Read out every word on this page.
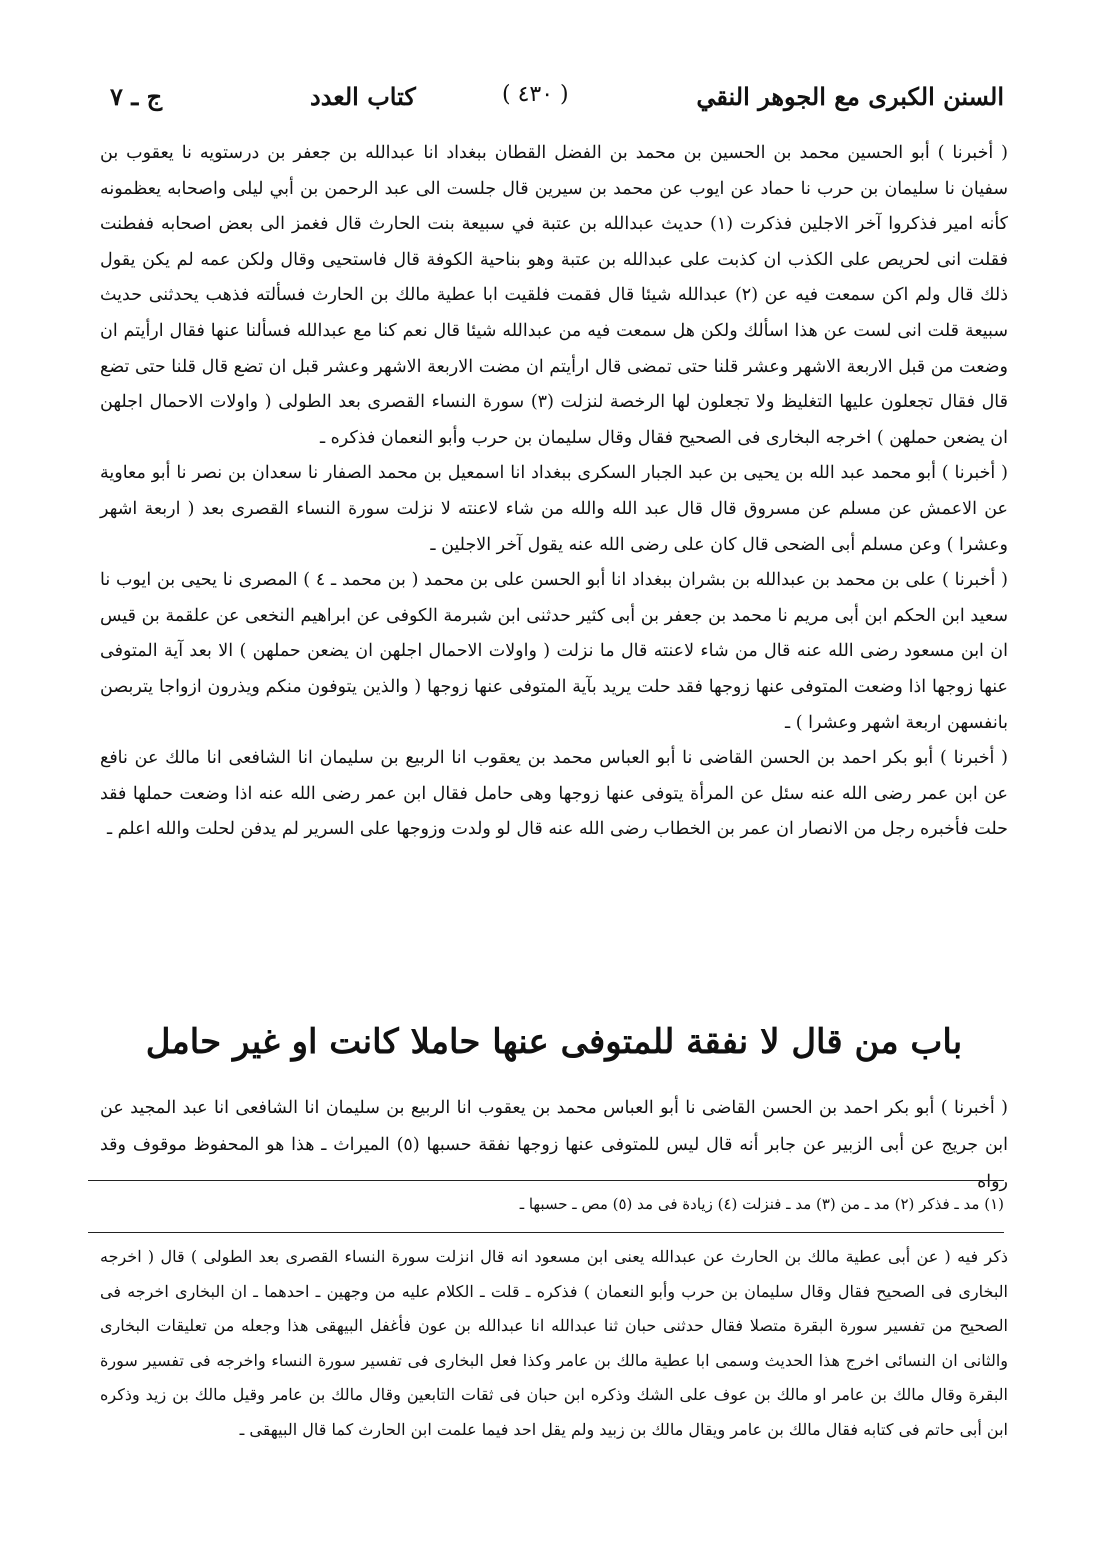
السنن الكبرى مع الجوهر النقي
( ٤٣٠ )
كتاب العدد
ج ـ ٧

( أخبرنا ) أبو الحسين محمد بن الحسين بن محمد بن الفضل القطان ببغداد انا عبدالله بن جعفر بن درستويه نا يعقوب بن سفيان نا سليمان بن حرب نا حماد عن ايوب عن محمد بن سيرين قال جلست الى عبد الرحمن بن أبي ليلى واصحابه يعظمونه كأنه امير فذكروا آخر الاجلين فذكرت (١) حديث عبدالله بن عتبة في سبيعة بنت الحارث قال فغمز الى بعض اصحابه ففطنت فقلت انى لحريص على الكذب ان كذبت على عبدالله بن عتبة وهو بناحية الكوفة قال فاستحيى وقال ولكن عمه لم يكن يقول ذلك قال ولم اكن سمعت فيه عن (٢) عبدالله شيئا قال فقمت فلقيت ابا عطية مالك بن الحارث فسألته فذهب يحدثنى حديث سبيعة قلت انى لست عن هذا اسألك ولكن هل سمعت فيه من عبدالله شيئا قال نعم كنا مع عبدالله فسألنا عنها فقال ارأيتم ان وضعت من قبل الاربعة الاشهر وعشر قلنا حتى تمضى قال ارأيتم ان مضت الاربعة الاشهر وعشر قبل ان تضع قال قلنا حتى تضع قال فقال تجعلون عليها التغليظ ولا تجعلون لها الرخصة لنزلت (٣) سورة النساء القصرى بعد الطولى ( واولات الاحمال اجلهن ان يضعن حملهن ) اخرجه البخارى فى الصحيح فقال وقال سليمان بن حرب وأبو النعمان فذكره ـ

( أخبرنا ) أبو محمد عبد الله بن يحيى بن عبد الجبار السكرى ببغداد انا اسمعيل بن محمد الصفار نا سعدان بن نصر نا أبو معاوية عن الاعمش عن مسلم عن مسروق قال قال عبد الله والله من شاء لاعنته لا نزلت سورة النساء القصرى بعد ( اربعة اشهر وعشرا ) وعن مسلم أبى الضحى قال كان على رضى الله عنه يقول آخر الاجلين ـ

( أخبرنا ) على بن محمد بن عبدالله بن بشران ببغداد انا أبو الحسن على بن محمد ( بن محمد ـ ٤ ) المصرى نا يحيى بن ايوب نا سعيد ابن الحكم ابن أبى مريم نا محمد بن جعفر بن أبى كثير حدثنى ابن شبرمة الكوفى عن ابراهيم النخعى عن علقمة بن قيس ان ابن مسعود رضى الله عنه قال من شاء لاعنته قال ما نزلت ( واولات الاحمال اجلهن ان يضعن حملهن ) الا بعد آية المتوفى عنها زوجها اذا وضعت المتوفى عنها زوجها فقد حلت يريد بآية المتوفى عنها زوجها ( والذين يتوفون منكم ويذرون ازواجا يتربصن بانفسهن اربعة اشهر وعشرا ) ـ

( أخبرنا ) أبو بكر احمد بن الحسن القاضى نا أبو العباس محمد بن يعقوب انا الربيع بن سليمان انا الشافعى انا مالك عن نافع عن ابن عمر رضى الله عنه سئل عن المرأة يتوفى عنها زوجها وهى حامل فقال ابن عمر رضى الله عنه اذا وضعت حملها فقد حلت فأخبره رجل من الانصار ان عمر بن الخطاب رضى الله عنه قال لو ولدت وزوجها على السرير لم يدفن لحلت والله اعلم ـ

باب من قال لا نفقة للمتوفى عنها حاملا كانت او غير حامل

( أخبرنا ) أبو بكر احمد بن الحسن القاضى نا أبو العباس محمد بن يعقوب انا الربيع بن سليمان انا الشافعى انا عبد المجيد عن ابن جريج عن أبى الزبير عن جابر أنه قال ليس للمتوفى عنها زوجها نفقة حسبها (٥) الميراث ـ هذا هو المحفوظ موقوف وقد رواه

(١) مد ـ فذكر (٢) مد ـ من (٣) مد ـ فنزلت (٤) زيادة فى مد (٥) مص ـ حسبها ـ

ذكر فيه ( عن أبى عطية مالك بن الحارث عن عبدالله يعنى ابن مسعود انه قال انزلت سورة النساء القصرى بعد الطولى ) قال ( اخرجه البخارى فى الصحيح فقال وقال سليمان بن حرب وأبو النعمان ) فذكره ـ قلت ـ الكلام عليه من وجهين ـ احدهما ـ ان البخارى اخرجه فى الصحيح من تفسير سورة البقرة متصلا فقال حدثنى حبان ثنا عبدالله انا عبدالله بن عون فأغفل البيهقى هذا وجعله من تعليقات البخارى والثانى ان النسائى اخرج هذا الحديث وسمى ابا عطية مالك بن عامر وكذا فعل البخارى فى تفسير سورة النساء واخرجه فى تفسير سورة البقرة وقال مالك بن عامر او مالك بن عوف على الشك وذكره ابن حبان فى ثقات التابعين وقال مالك بن عامر وقيل مالك بن زيد وذكره ابن أبى حاتم فى كتابه فقال مالك بن عامر ويقال مالك بن زبيد ولم يقل احد فيما علمت ابن الحارث كما قال البيهقى ـ
